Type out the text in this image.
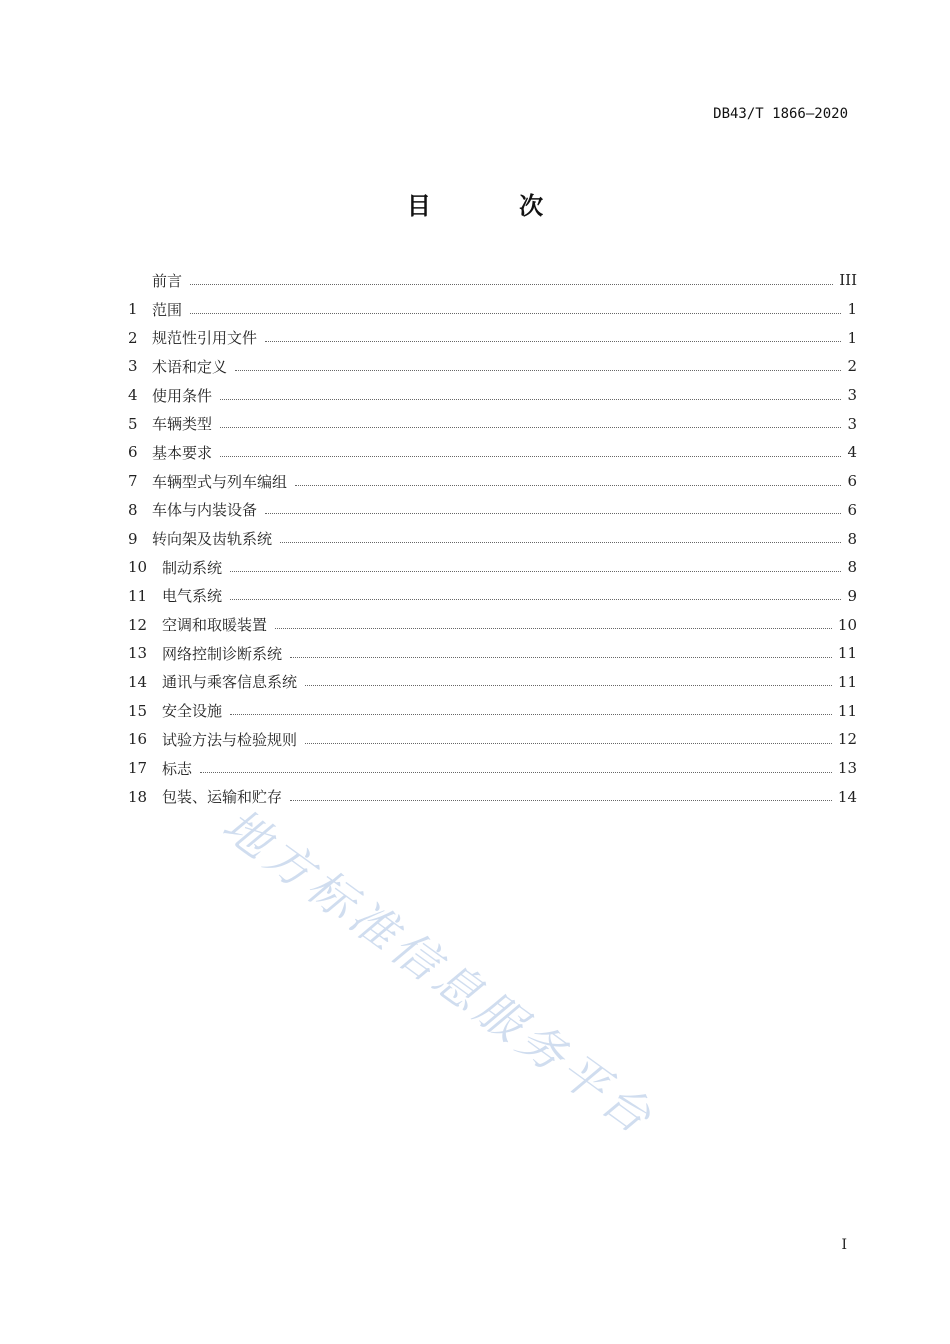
DB43/T 1866—2020
目 次
前言	III
1 范围	1
2 规范性引用文件	1
3 术语和定义	2
4 使用条件	3
5 车辆类型	3
6 基本要求	4
7 车辆型式与列车编组	6
8 车体与内装设备	6
9 转向架及齿轨系统	8
10 制动系统	8
11 电气系统	9
12 空调和取暖装置	10
13 网络控制诊断系统	11
14 通讯与乘客信息系统	11
15 安全设施	11
16 试验方法与检验规则	12
17 标志	13
18 包装、运输和贮存	14
地方标准信息服务平台
I
